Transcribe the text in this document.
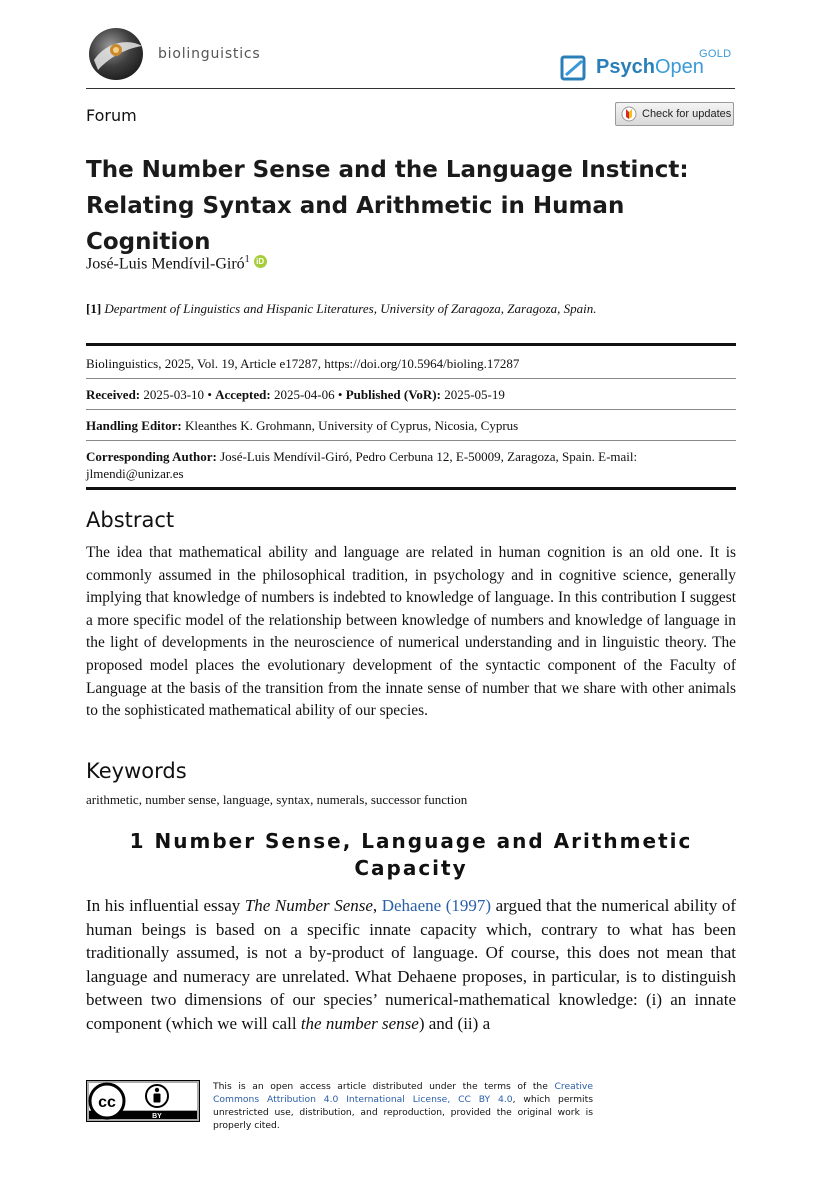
biolinguistics
PsychOpen
GOLD
Forum	Check for updates
The Number Sense and the Language Instinct: Relating Syntax and Arithmetic in Human Cognition
José-Luis Mendívil-Giró$^1$ iD
[1] Department of Linguistics and Hispanic Literatures, University of Zaragoza, Zaragoza, Spain.
Biolinguistics, 2025, Vol. 19, Article e17287, https://doi.org/10.5964/bioling.17287
Received: 2025-03-10 • Accepted: 2025-04-06 • Published (VoR): 2025-05-19
Handling Editor: Kleanthes K. Grohmann, University of Cyprus, Nicosia, Cyprus
Corresponding Author: José-Luis Mendívil-Giró, Pedro Cerbuna 12, E-50009, Zaragoza, Spain. E-mail: jlmendi@unizar.es
Abstract
The idea that mathematical ability and language are related in human cognition is an old one. It is commonly assumed in the philosophical tradition, in psychology and in cognitive science, generally implying that knowledge of numbers is indebted to knowledge of language. In this contribution I suggest a more specific model of the relationship between knowledge of numbers and knowledge of language in the light of developments in the neuroscience of numerical understanding and in linguistic theory. The proposed model places the evolutionary development of the syntactic component of the Faculty of Language at the basis of the transition from the innate sense of number that we share with other animals to the sophisticated mathematical ability of our species.
Keywords
arithmetic, number sense, language, syntax, numerals, successor function
1 Number Sense, Language and Arithmetic Capacity
In his influential essay The Number Sense, Dehaene (1997) argued that the numerical ability of human beings is based on a specific innate capacity which, contrary to what has been traditionally assumed, is not a by-product of language. Of course, this does not mean that language and numeracy are unrelated. What Dehaene proposes, in particular, is to distinguish between two dimensions of our species’ numerical-mathematical knowledge: (i) an innate component (which we will call the number sense) and (ii) a
cc
BY
This is an open access article distributed under the terms of the Creative Commons Attribution 4.0 International License, CC BY 4.0, which permits unrestricted use, distribution, and reproduction, provided the original work is properly cited.
